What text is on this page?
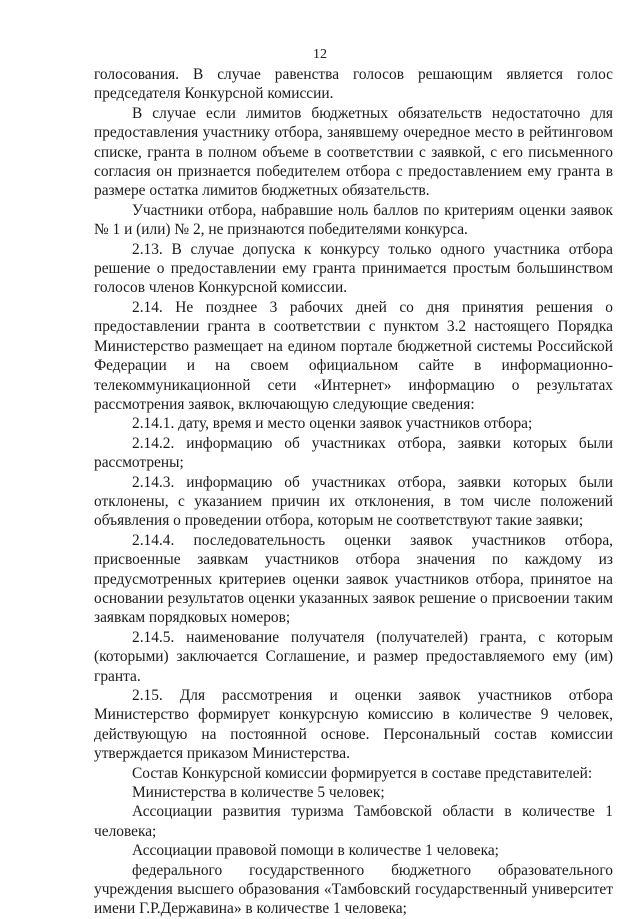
12

голосования. В случае равенства голосов решающим является голос председателя Конкурсной комиссии.

В случае если лимитов бюджетных обязательств недостаточно для предоставления участнику отбора, занявшему очередное место в рейтинговом списке, гранта в полном объеме в соответствии с заявкой, с его письменного согласия он признается победителем отбора с предоставлением ему гранта в размере остатка лимитов бюджетных обязательств.

Участники отбора, набравшие ноль баллов по критериям оценки заявок № 1 и (или) № 2, не признаются победителями конкурса.

2.13. В случае допуска к конкурсу только одного участника отбора решение о предоставлении ему гранта принимается простым большинством голосов членов Конкурсной комиссии.

2.14. Не позднее 3 рабочих дней со дня принятия решения о предоставлении гранта в соответствии с пунктом 3.2 настоящего Порядка Министерство размещает на едином портале бюджетной системы Российской Федерации и на своем официальном сайте в информационно-телекоммуникационной сети «Интернет» информацию о результатах рассмотрения заявок, включающую следующие сведения:

2.14.1. дату, время и место оценки заявок участников отбора;

2.14.2. информацию об участниках отбора, заявки которых были рассмотрены;

2.14.3. информацию об участниках отбора, заявки которых были отклонены, с указанием причин их отклонения, в том числе положений объявления о проведении отбора, которым не соответствуют такие заявки;

2.14.4. последовательность оценки заявок участников отбора, присвоенные заявкам участников отбора значения по каждому из предусмотренных критериев оценки заявок участников отбора, принятое на основании результатов оценки указанных заявок решение о присвоении таким заявкам порядковых номеров;

2.14.5. наименование получателя (получателей) гранта, с которым (которыми) заключается Соглашение, и размер предоставляемого ему (им) гранта.

2.15. Для рассмотрения и оценки заявок участников отбора Министерство формирует конкурсную комиссию в количестве 9 человек, действующую на постоянной основе. Персональный состав комиссии утверждается приказом Министерства.

Состав Конкурсной комиссии формируется в составе представителей:

Министерства в количестве 5 человек;

Ассоциации развития туризма Тамбовской области в количестве 1 человека;

Ассоциации правовой помощи в количестве 1 человека;

федерального государственного бюджетного образовательного учреждения высшего образования «Тамбовский государственный университет имени Г.Р.Державина» в количестве 1 человека;
